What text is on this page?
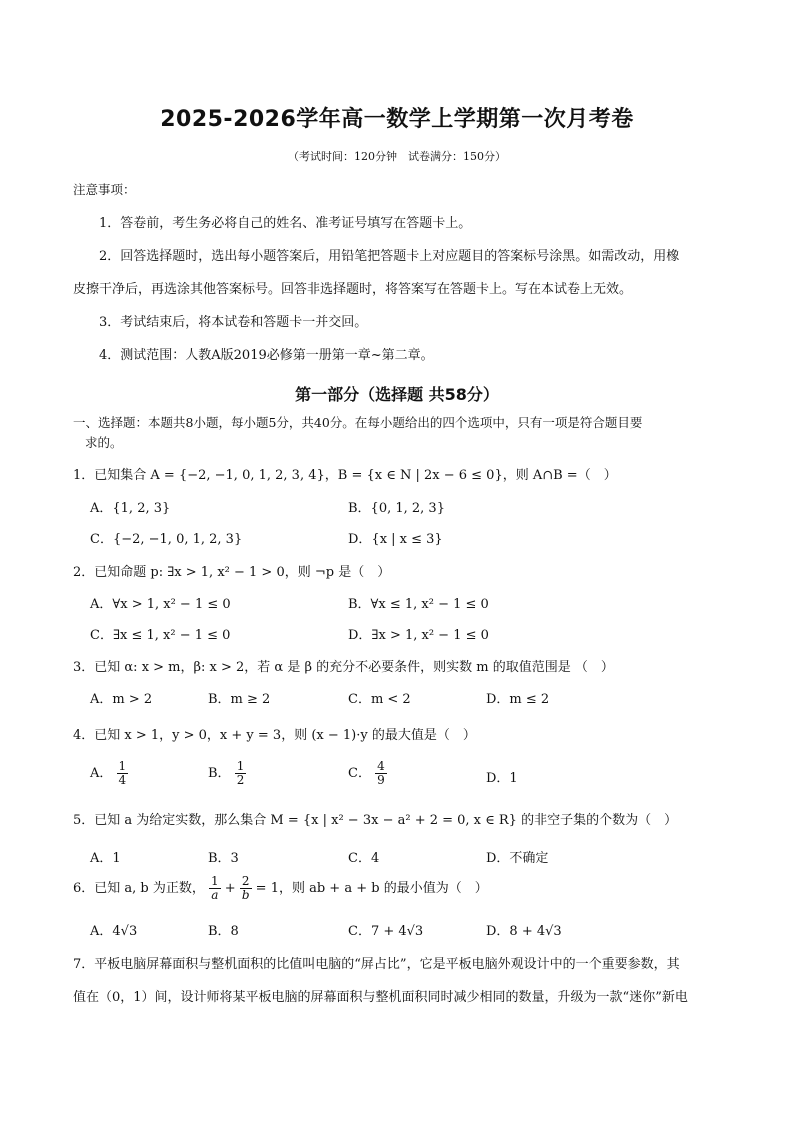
2025-2026学年高一数学上学期第一次月考卷
（考试时间：120分钟　试卷满分：150分）
注意事项：
1．答卷前，考生务必将自己的姓名、准考证号填写在答题卡上。
2．回答选择题时，选出每小题答案后，用铅笔把答题卡上对应题目的答案标号涂黑。如需改动，用橡
皮擦干净后，再选涂其他答案标号。回答非选择题时，将答案写在答题卡上。写在本试卷上无效。
3．考试结束后，将本试卷和答题卡一并交回。
4．测试范围：人教A版2019必修第一册第一章~第二章。
第一部分（选择题 共58分）
一、选择题：本题共8小题，每小题5分，共40分。在每小题给出的四个选项中，只有一项是符合题目要
求的。
1．已知集合 A = {−2, −1, 0, 1, 2, 3, 4}，B = {x ∈ N | 2x − 6 ≤ 0}，则 A∩B =（　）
A．{1, 2, 3}	B．{0, 1, 2, 3}
C．{−2, −1, 0, 1, 2, 3}	D．{x | x ≤ 3}
2．已知命题 p: ∃x > 1, x² − 1 > 0，则 ¬p 是（　）
A．∀x > 1, x² − 1 ≤ 0	B．∀x ≤ 1, x² − 1 ≤ 0
C．∃x ≤ 1, x² − 1 ≤ 0	D．∃x > 1, x² − 1 ≤ 0
3．已知 α: x > m，β: x > 2，若 α 是 β 的充分不必要条件，则实数 m 的取值范围是 （　）
A．m > 2	B．m ≥ 2	C．m < 2	D．m ≤ 2
4．已知 x > 1，y > 0，x + y = 3，则 (x − 1)·y 的最大值是（　）
A． $\frac{1}{4}$	B． $\frac{1}{2}$	C． $\frac{4}{9}$	D．1
5．已知 a 为给定实数，那么集合 M = {x | x² − 3x − a² + 2 = 0, x ∈ R} 的非空子集的个数为（　）
A．1	B．3	C．4	D．不确定
6．已知 a, b 为正数， $\frac{1}{a} + \frac{2}{b} = 1$，则 ab + a + b 的最小值为（　）
A．4√3	B．8	C．7 + 4√3	D．8 + 4√3
7．平板电脑屏幕面积与整机面积的比值叫电脑的“屏占比”，它是平板电脑外观设计中的一个重要参数，其
值在（0，1）间，设计师将某平板电脑的屏幕面积与整机面积同时减少相同的数量，升级为一款“迷你”新电
